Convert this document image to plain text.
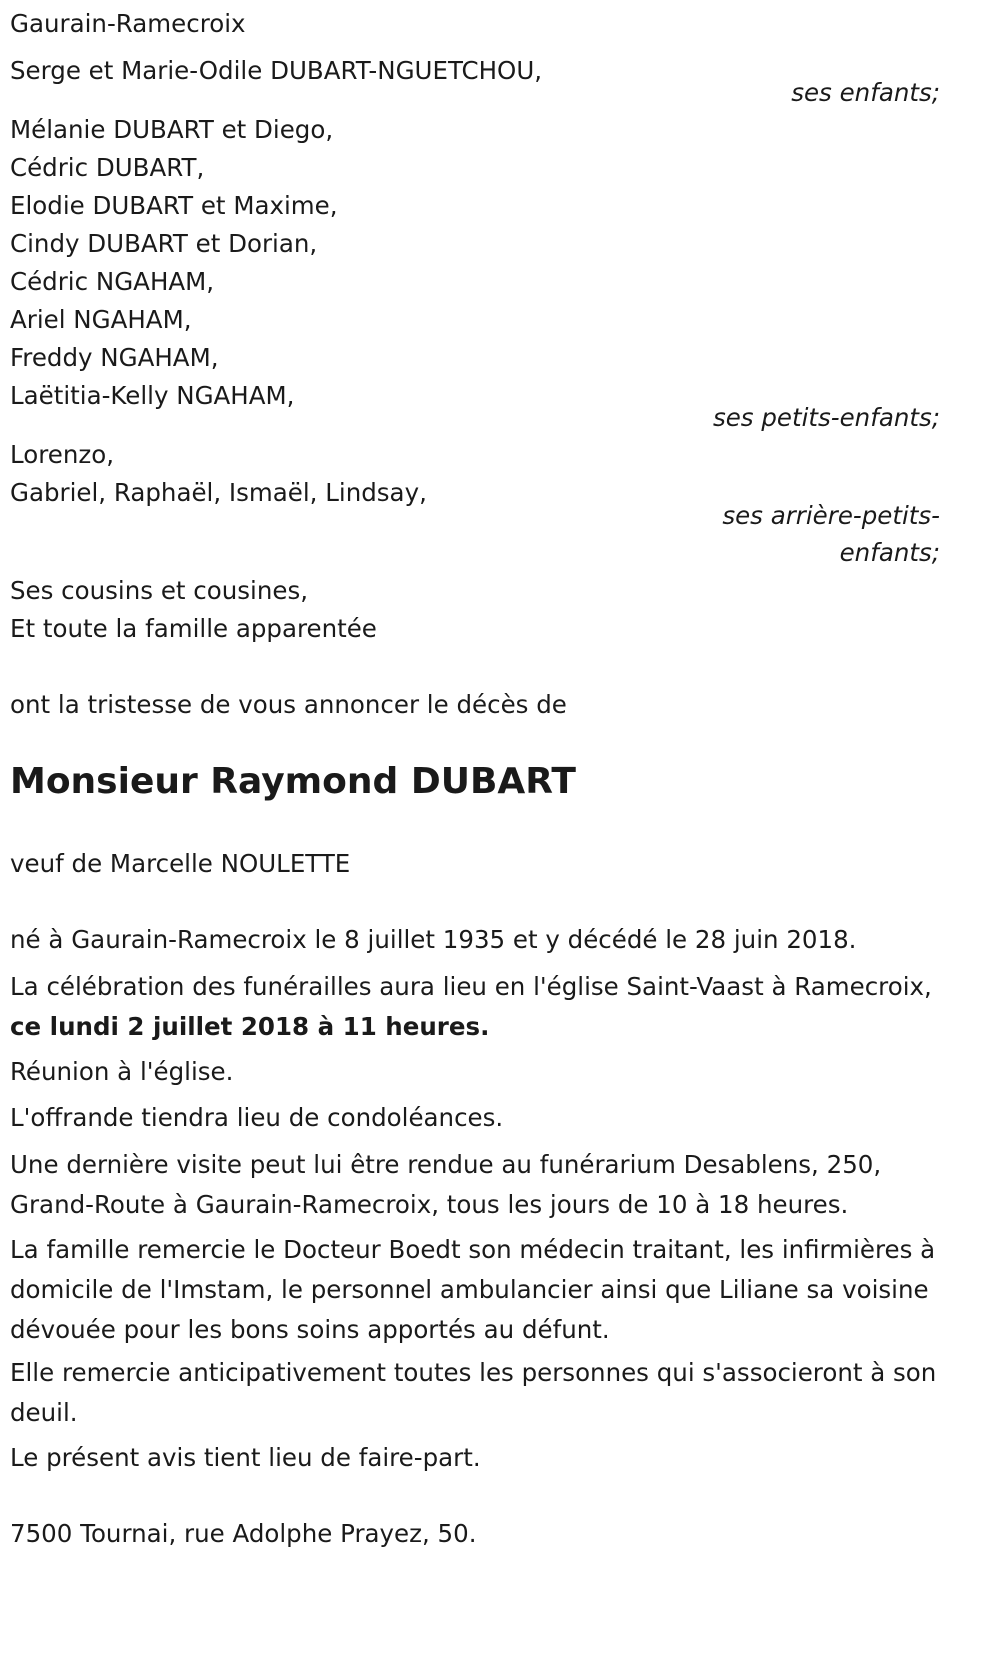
Gaurain-Ramecroix
Serge et Marie-Odile DUBART-NGUETCHOU,
ses enfants;
Mélanie DUBART et Diego,
Cédric DUBART,
Elodie DUBART et Maxime,
Cindy DUBART et Dorian,
Cédric NGAHAM,
Ariel NGAHAM,
Freddy NGAHAM,
Laëtitia-Kelly NGAHAM,
ses petits-enfants;
Lorenzo,
Gabriel, Raphaël, Ismaël, Lindsay,
ses arrière-petits-
enfants;
Ses cousins et cousines,
Et toute la famille apparentée
ont la tristesse de vous annoncer le décès de
Monsieur Raymond DUBART
veuf de Marcelle NOULETTE
né à Gaurain-Ramecroix le 8 juillet 1935 et y décédé le 28 juin 2018.
La célébration des funérailles aura lieu en l'église Saint-Vaast à Ramecroix, ce lundi 2 juillet 2018 à 11 heures.
Réunion à l'église.
L'offrande tiendra lieu de condoléances.
Une dernière visite peut lui être rendue au funérarium Desablens, 250, Grand-Route à Gaurain-Ramecroix, tous les jours de 10 à 18 heures.
La famille remercie le Docteur Boedt son médecin traitant, les infirmières à domicile de l'Imstam, le personnel ambulancier ainsi que Liliane sa voisine dévouée pour les bons soins apportés au défunt.
Elle remercie anticipativement toutes les personnes qui s'associeront à son deuil.
Le présent avis tient lieu de faire-part.
7500 Tournai, rue Adolphe Prayez, 50.
